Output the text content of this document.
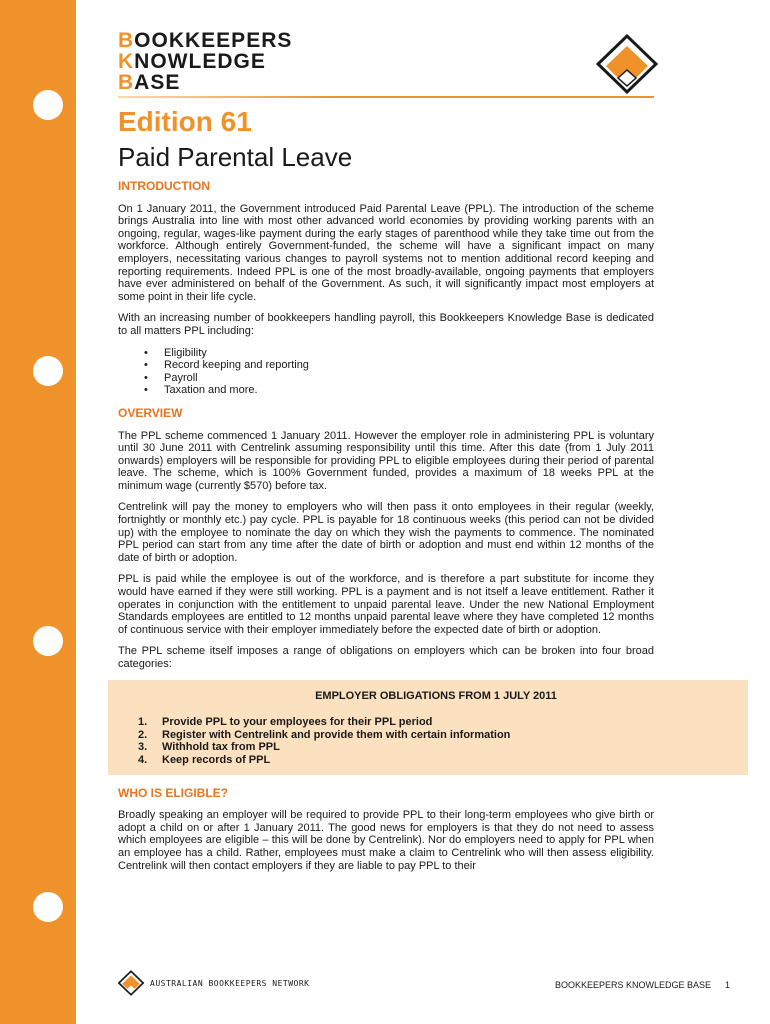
BOOKKEEPERS
KNOWLEDGE
BASE
Edition 61
Paid Parental Leave
INTRODUCTION

On 1 January 2011, the Government introduced Paid Parental Leave (PPL). The introduction of the scheme brings Australia into line with most other advanced world economies by providing working parents with an ongoing, regular, wages-like payment during the early stages of parenthood while they take time out from the workforce. Although entirely Government-funded, the scheme will have a significant impact on many employers, necessitating various changes to payroll systems not to mention additional record keeping and reporting requirements. Indeed PPL is one of the most broadly-available, ongoing payments that employers have ever administered on behalf of the Government. As such, it will significantly impact most employers at some point in their life cycle.

With an increasing number of bookkeepers handling payroll, this Bookkeepers Knowledge Base is dedicated to all matters PPL including:

• Eligibility
• Record keeping and reporting
• Payroll
• Taxation and more.
OVERVIEW

The PPL scheme commenced 1 January 2011. However the employer role in administering PPL is voluntary until 30 June 2011 with Centrelink assuming responsibility until this time. After this date (from 1 July 2011 onwards) employers will be responsible for providing PPL to eligible employees during their period of parental leave. The scheme, which is 100% Government funded, provides a maximum of 18 weeks PPL at the minimum wage (currently $570) before tax.

Centrelink will pay the money to employers who will then pass it onto employees in their regular (weekly, fortnightly or monthly etc.) pay cycle. PPL is payable for 18 continuous weeks (this period can not be divided up) with the employee to nominate the day on which they wish the payments to commence. The nominated PPL period can start from any time after the date of birth or adoption and must end within 12 months of the date of birth or adoption.

PPL is paid while the employee is out of the workforce, and is therefore a part substitute for income they would have earned if they were still working. PPL is a payment and is not itself a leave entitlement. Rather it operates in conjunction with the entitlement to unpaid parental leave. Under the new National Employment Standards employees are entitled to 12 months unpaid parental leave where they have completed 12 months of continuous service with their employer immediately before the expected date of birth or adoption.

The PPL scheme itself imposes a range of obligations on employers which can be broken into four broad categories:

EMPLOYER OBLIGATIONS FROM 1 JULY 2011
1.	Provide PPL to your employees for their PPL period
2.	Register with Centrelink and provide them with certain information
3.	Withhold tax from PPL
4.	Keep records of PPL
WHO IS ELIGIBLE?

Broadly speaking an employer will be required to provide PPL to their long-term employees who give birth or adopt a child on or after 1 January 2011. The good news for employers is that they do not need to assess which employees are eligible – this will be done by Centrelink). Nor do employers need to apply for PPL when an employee has a child. Rather, employees must make a claim to Centrelink who will then assess eligibility. Centrelink will then contact employers if they are liable to pay PPL to their

AUSTRALIAN BOOKKEEPERS NETWORK	BOOKKEEPERS KNOWLEDGE BASE 1
